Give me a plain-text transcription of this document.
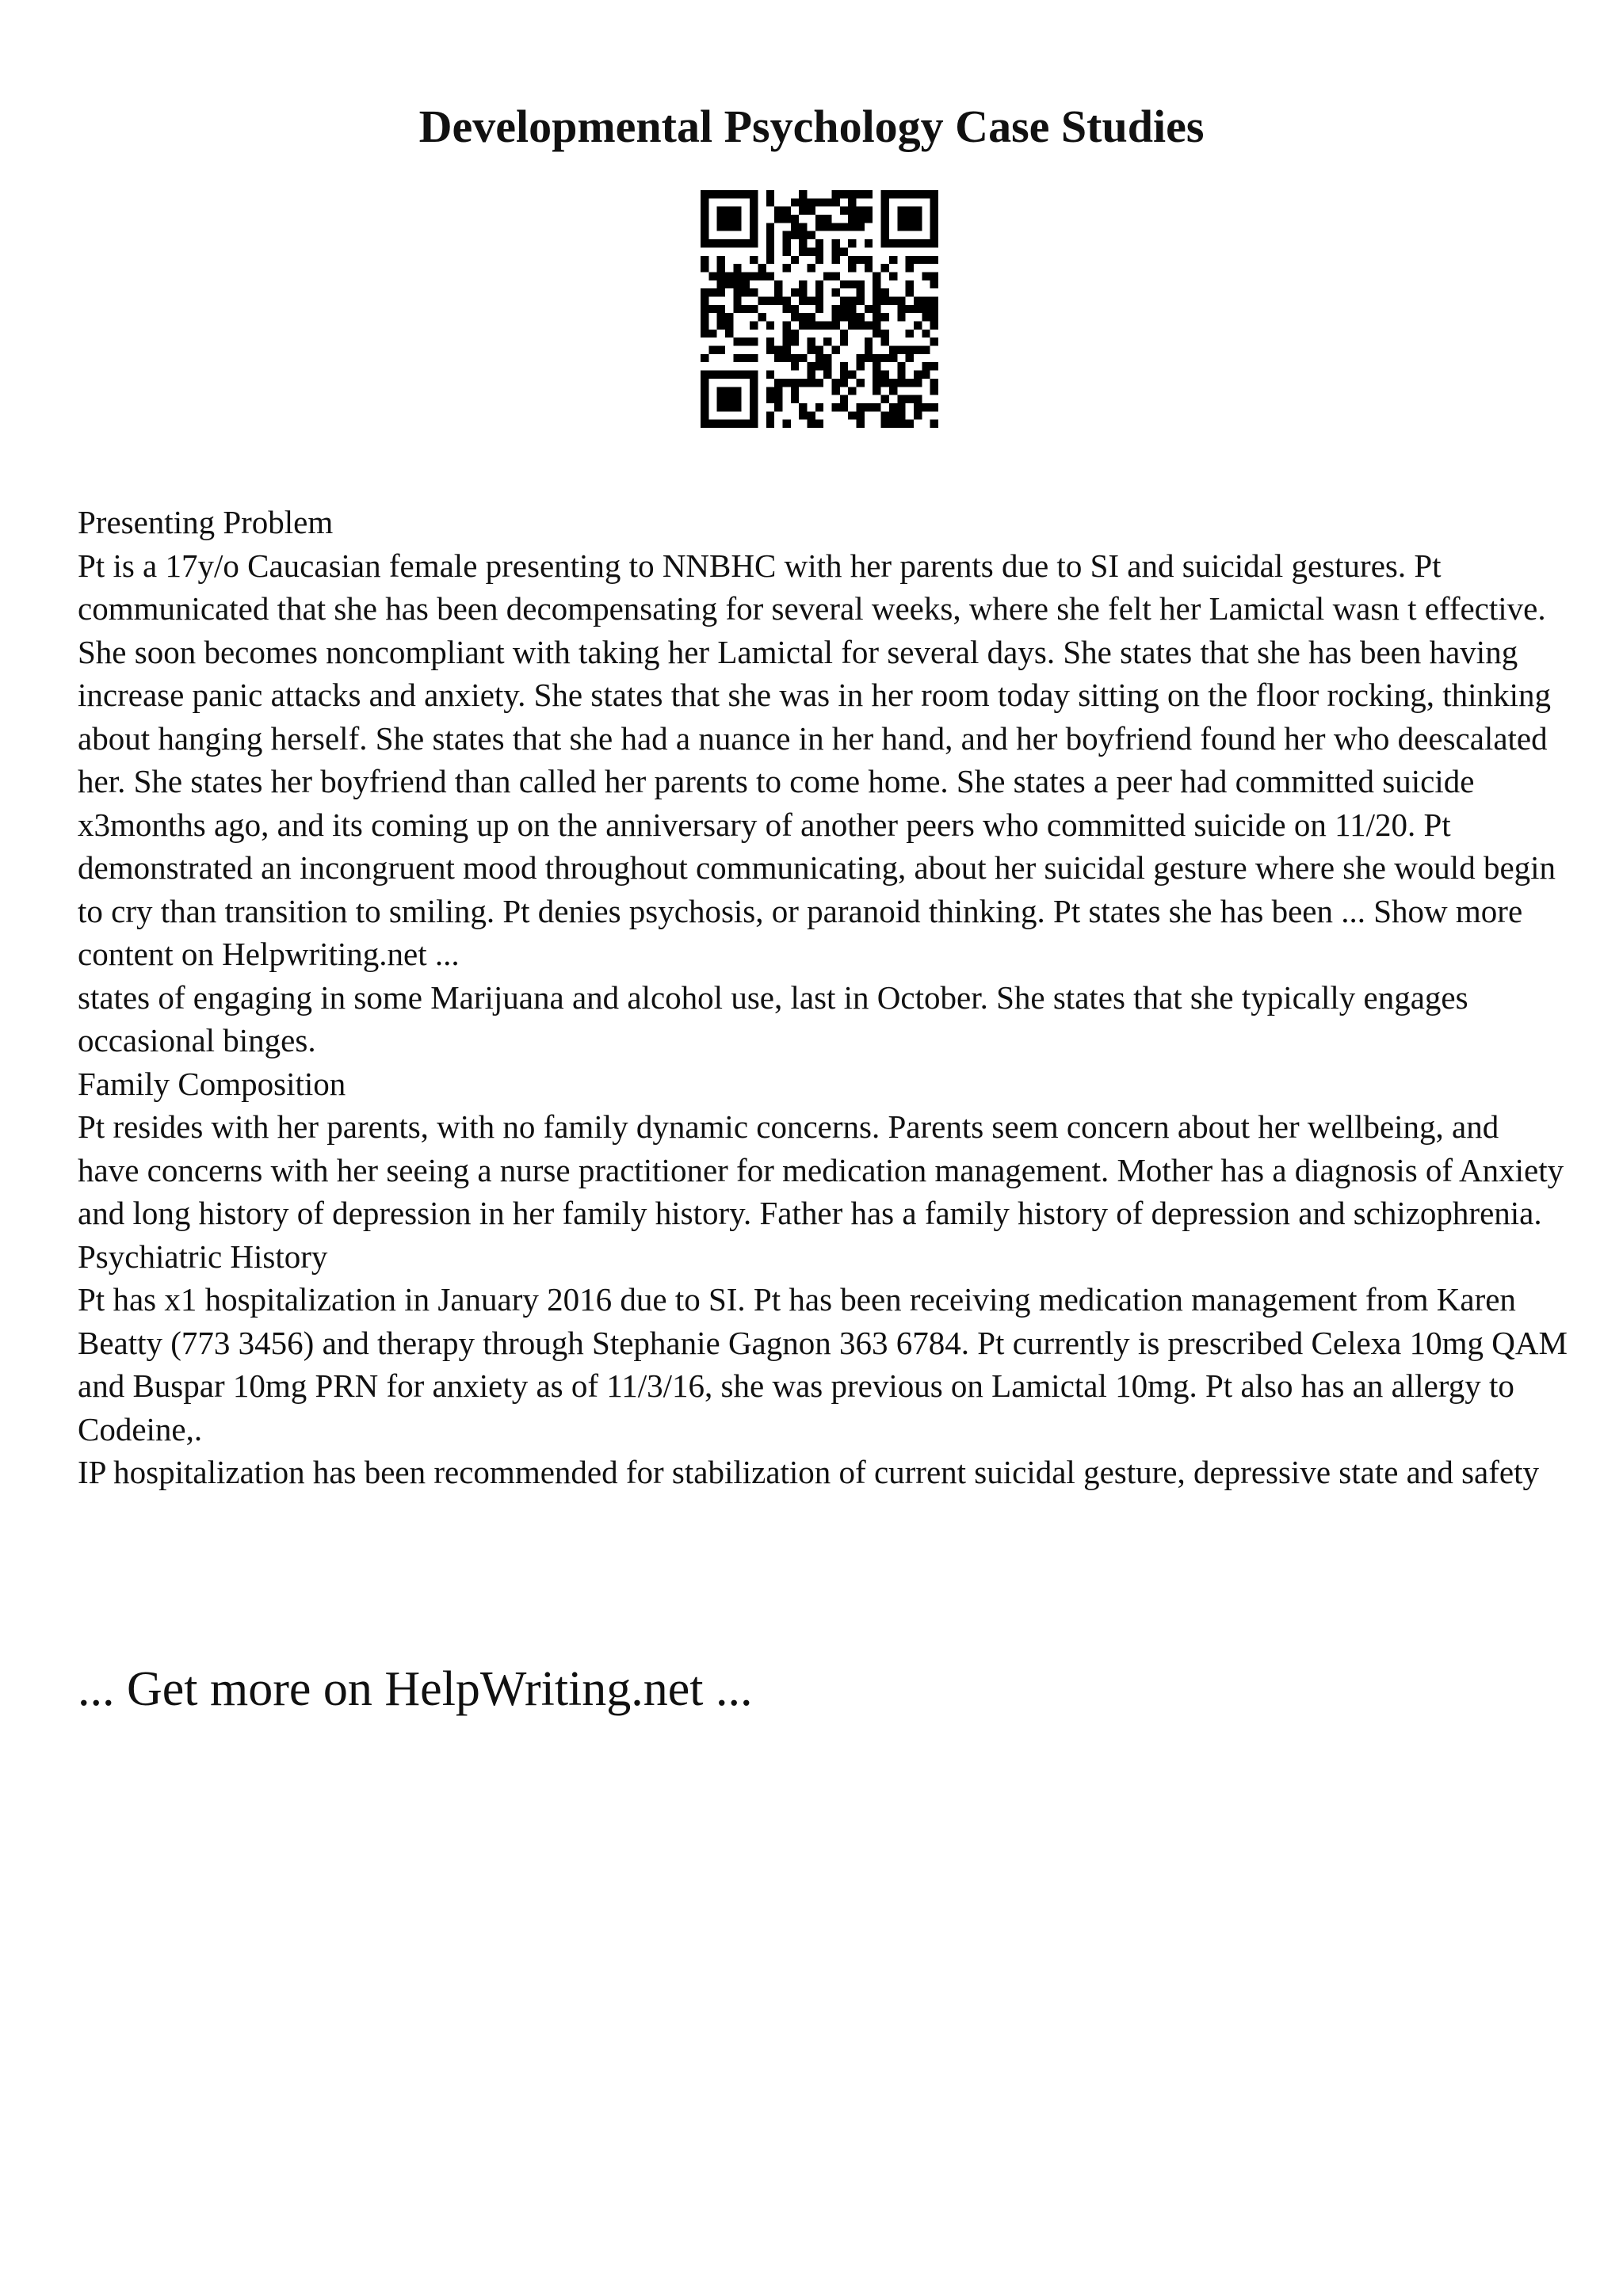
Developmental Psychology Case Studies

Presenting Problem

Pt is a 17y/o Caucasian female presenting to NNBHC with her parents due to SI and suicidal gestures. Pt communicated that she has been decompensating for several weeks, where she felt her Lamictal wasn t effective. She soon becomes noncompliant with taking her Lamictal for several days. She states that she has been having increase panic attacks and anxiety. She states that she was in her room today sitting on the floor rocking, thinking about hanging herself. She states that she had a nuance in her hand, and her boyfriend found her who deescalated her. She states her boyfriend than called her parents to come home. She states a peer had committed suicide x3months ago, and its coming up on the anniversary of another peers who committed suicide on 11/20. Pt demonstrated an incongruent mood throughout communicating, about her suicidal gesture where she would begin to cry than transition to smiling. Pt denies psychosis, or paranoid thinking. Pt states she has been ... Show more content on Helpwriting.net ...

states of engaging in some Marijuana and alcohol use, last in October. She states that she typically engages occasional binges.

Family Composition

Pt resides with her parents, with no family dynamic concerns. Parents seem concern about her wellbeing, and have concerns with her seeing a nurse practitioner for medication management. Mother has a diagnosis of Anxiety and long history of depression in her family history. Father has a family history of depression and schizophrenia.

Psychiatric History

Pt has x1 hospitalization in January 2016 due to SI. Pt has been receiving medication management from Karen Beatty (773 3456) and therapy through Stephanie Gagnon 363 6784. Pt currently is prescribed Celexa 10mg QAM and Buspar 10mg PRN for anxiety as of 11/3/16, she was previous on Lamictal 10mg. Pt also has an allergy to Codeine,.

IP hospitalization has been recommended for stabilization of current suicidal gesture, depressive state and safety

... Get more on HelpWriting.net ...
